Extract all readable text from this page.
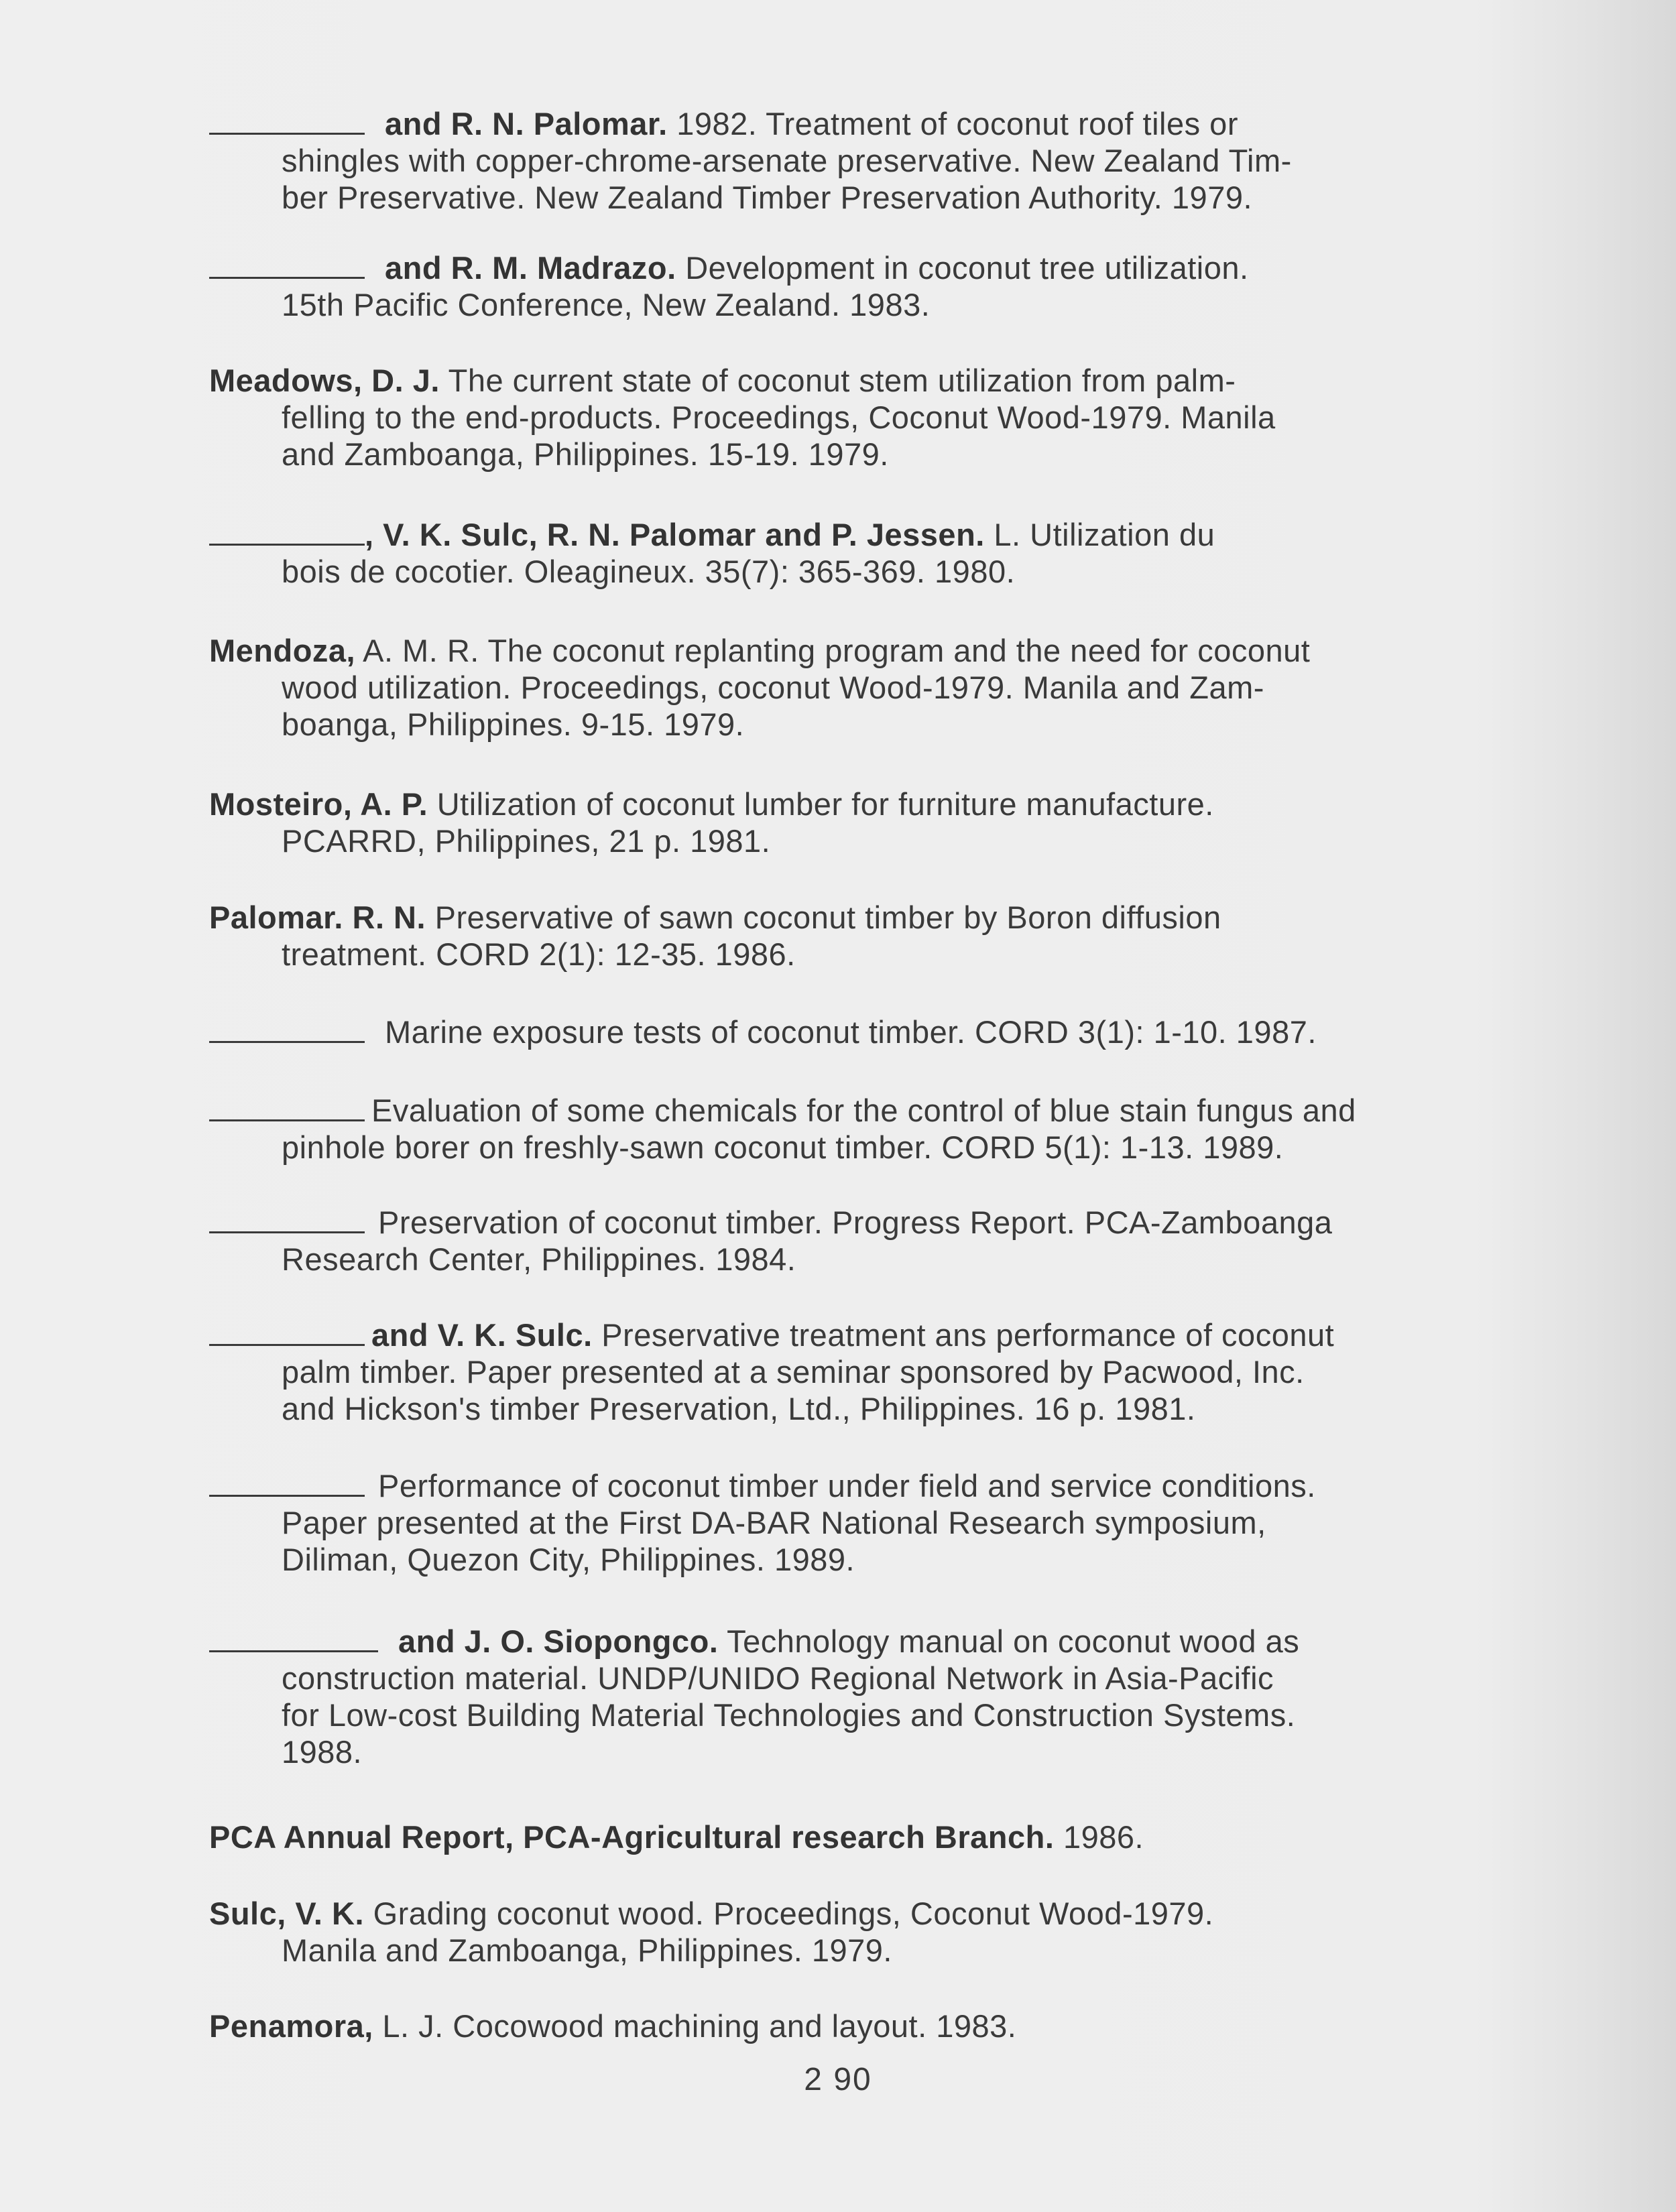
and R. N. Palomar. 1982. Treatment of coconut roof tiles or
shingles with copper-chrome-arsenate preservative. New Zealand Tim-
ber Preservative. New Zealand Timber Preservation Authority. 1979.
and R. M. Madrazo. Development in coconut tree utilization.
15th Pacific Conference, New Zealand. 1983.
Meadows, D. J. The current state of coconut stem utilization from palm-
felling to the end-products. Proceedings, Coconut Wood-1979. Manila
and Zamboanga, Philippines. 15-19. 1979.
, V. K. Sulc, R. N. Palomar and P. Jessen. L. Utilization du
bois de cocotier. Oleagineux. 35(7): 365-369. 1980.
Mendoza, A. M. R. The coconut replanting program and the need for coconut
wood utilization. Proceedings, coconut Wood-1979. Manila and Zam-
boanga, Philippines. 9-15. 1979.
Mosteiro, A. P. Utilization of coconut lumber for furniture manufacture.
PCARRD, Philippines, 21 p. 1981.
Palomar. R. N. Preservative of sawn coconut timber by Boron diffusion
treatment. CORD 2(1): 12-35. 1986.
Marine exposure tests of coconut timber. CORD 3(1): 1-10. 1987.
Evaluation of some chemicals for the control of blue stain fungus and
pinhole borer on freshly-sawn coconut timber. CORD 5(1): 1-13. 1989.
Preservation of coconut timber. Progress Report. PCA-Zamboanga
Research Center, Philippines. 1984.
and V. K. Sulc. Preservative treatment ans performance of coconut
palm timber. Paper presented at a seminar sponsored by Pacwood, Inc.
and Hickson's timber Preservation, Ltd., Philippines. 16 p. 1981.
Performance of coconut timber under field and service conditions.
Paper presented at the First DA-BAR National Research symposium,
Diliman, Quezon City, Philippines. 1989.
and J. O. Siopongco. Technology manual on coconut wood as
construction material. UNDP/UNIDO Regional Network in Asia-Pacific
for Low-cost Building Material Technologies and Construction Systems.
1988.
PCA Annual Report, PCA-Agricultural research Branch. 1986.
Sulc, V. K. Grading coconut wood. Proceedings, Coconut Wood-1979.
Manila and Zamboanga, Philippines. 1979.
Penamora, L. J. Cocowood machining and layout. 1983.
2 90
